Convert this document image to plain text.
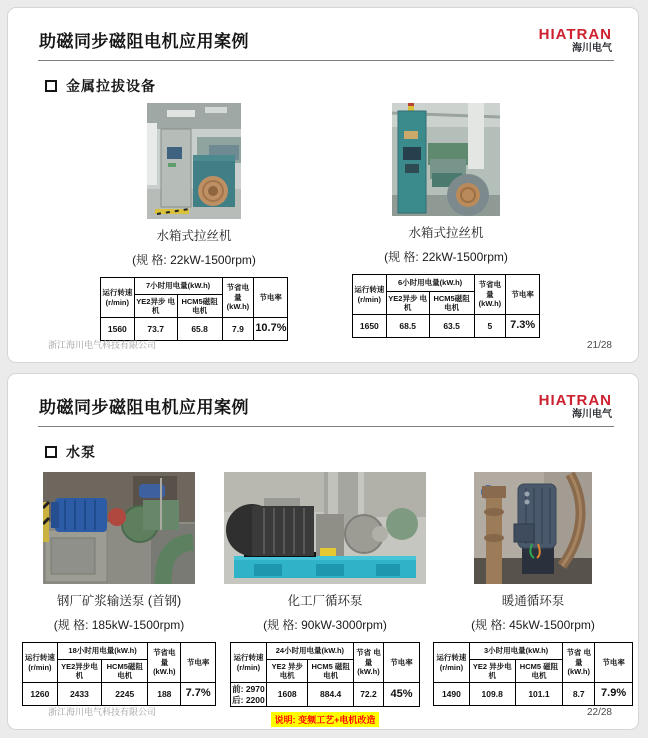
助磁同步磁阻电机应用案例	HIATRAN
海川电气
金属拉拔设备
水箱式拉丝机
(规 格: 22kW-1500rpm)
运行转速 (r/min)	7小时用电量(kW.h)		节省电量 (kW.h)	节电率
	YE2异步 电机	HCM5磁阻 电机		
1560	73.7	65.8	7.9	10.7%
水箱式拉丝机
(规 格: 22kW-1500rpm)
运行转速 (r/min)	6小时用电量(kW.h)		节省电量 (kW.h)	节电率
	YE2异步 电机	HCM5磁阻 电机		
1650	68.5	63.5	5	7.3%
浙江海川电气科技有限公司	21/28
助磁同步磁阻电机应用案例	HIATRAN
海川电气
水泵
钢厂矿浆输送泵 (首钢)
(规 格: 185kW-1500rpm)
运行转速 (r/min)	18小时用电量(kW.h)		节省电量 (kW.h)	节电率
	YE2异步电 机	HCM5磁阻 电机		
1260	2433	2245	188	7.7%
化工厂循环泵
(规 格: 90kW-3000rpm)
运行转速 (r/min)	24小时用电量(kW.h)		节省 电量 (kW.h)	节电率
	YE2 异步电机	HCM5 磁阻电机		

前: 2970
后: 2200	1608	884.4	72.2	45%
说明: 变频工艺+电机改造
暖通循环泵
(规 格: 45kW-1500rpm)
运行转速 (r/min)	3小时用电量(kW.h)		节省 电量 (kW.h)	节电率
	YE2 异步电机	HCM5 磁阻电机		
1490	109.8	101.1	8.7	7.9%
浙江海川电气科技有限公司	22/28
